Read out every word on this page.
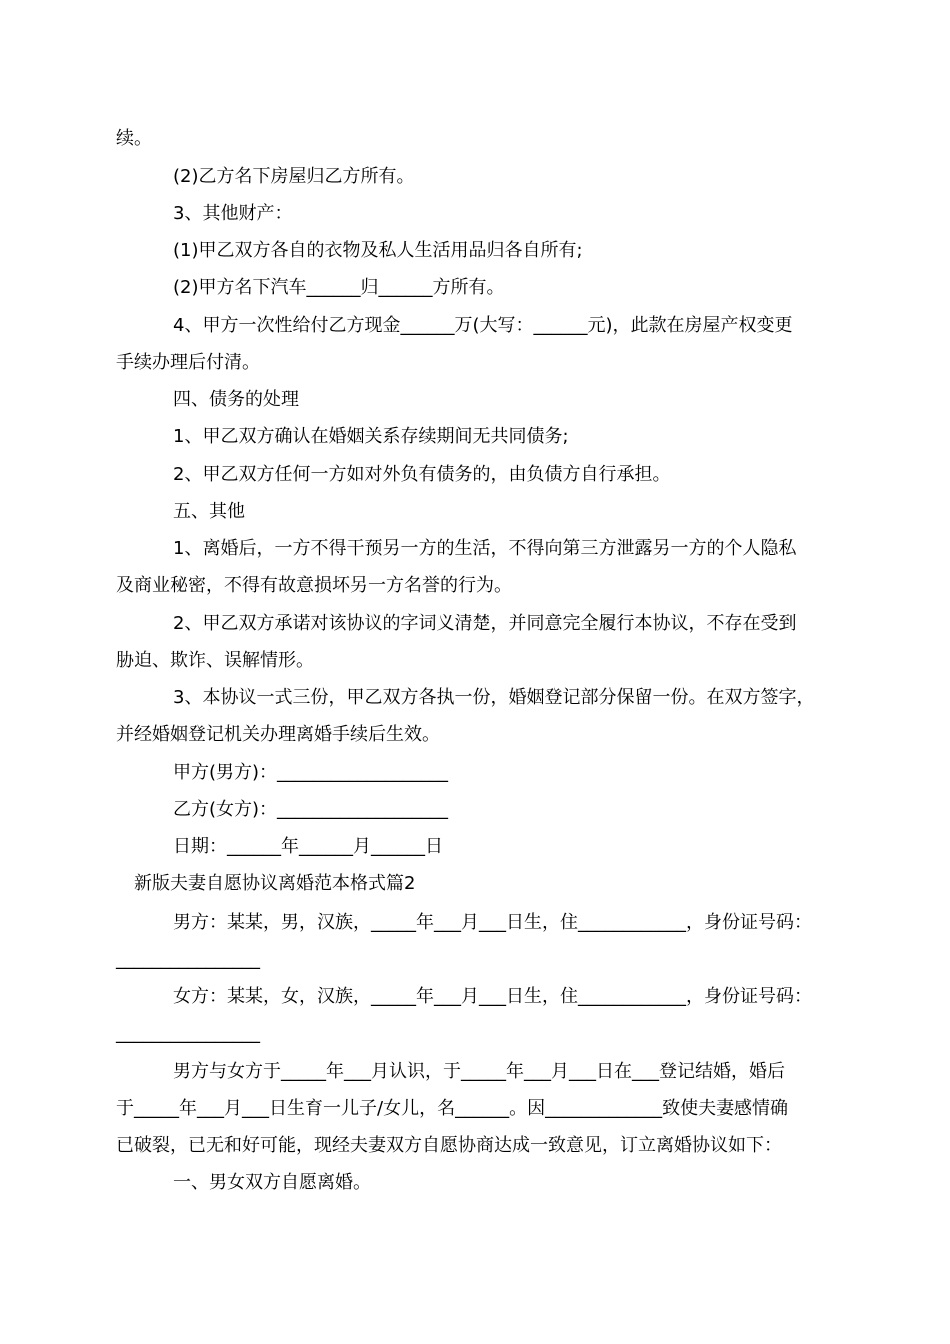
续。
(2)乙方名下房屋归乙方所有。
3、其他财产：
(1)甲乙双方各自的衣物及私人生活用品归各自所有;
(2)甲方名下汽车______归______方所有。
4、甲方一次性给付乙方现金______万(大写：______元)，此款在房屋产权变更
手续办理后付清。
四、债务的处理
1、甲乙双方确认在婚姻关系存续期间无共同债务;
2、甲乙双方任何一方如对外负有债务的，由负债方自行承担。
五、其他
1、离婚后，一方不得干预另一方的生活，不得向第三方泄露另一方的个人隐私
及商业秘密，不得有故意损坏另一方名誉的行为。
2、甲乙双方承诺对该协议的字词义清楚，并同意完全履行本协议，不存在受到
胁迫、欺诈、误解情形。
3、本协议一式三份，甲乙双方各执一份，婚姻登记部分保留一份。在双方签字，
并经婚姻登记机关办理离婚手续后生效。
甲方(男方)：___________________
乙方(女方)：___________________
日期：______年______月______日
新版夫妻自愿协议离婚范本格式篇2
男方：某某，男，汉族，_____年___月___日生，住____________，身份证号码：
________________
女方：某某，女，汉族，_____年___月___日生，住____________，身份证号码：
________________
男方与女方于_____年___月认识，于_____年___月___日在___登记结婚，婚后
于_____年___月___日生育一儿子/女儿，名______。因_____________致使夫妻感情确
已破裂，已无和好可能，现经夫妻双方自愿协商达成一致意见，订立离婚协议如下：
一、男女双方自愿离婚。
